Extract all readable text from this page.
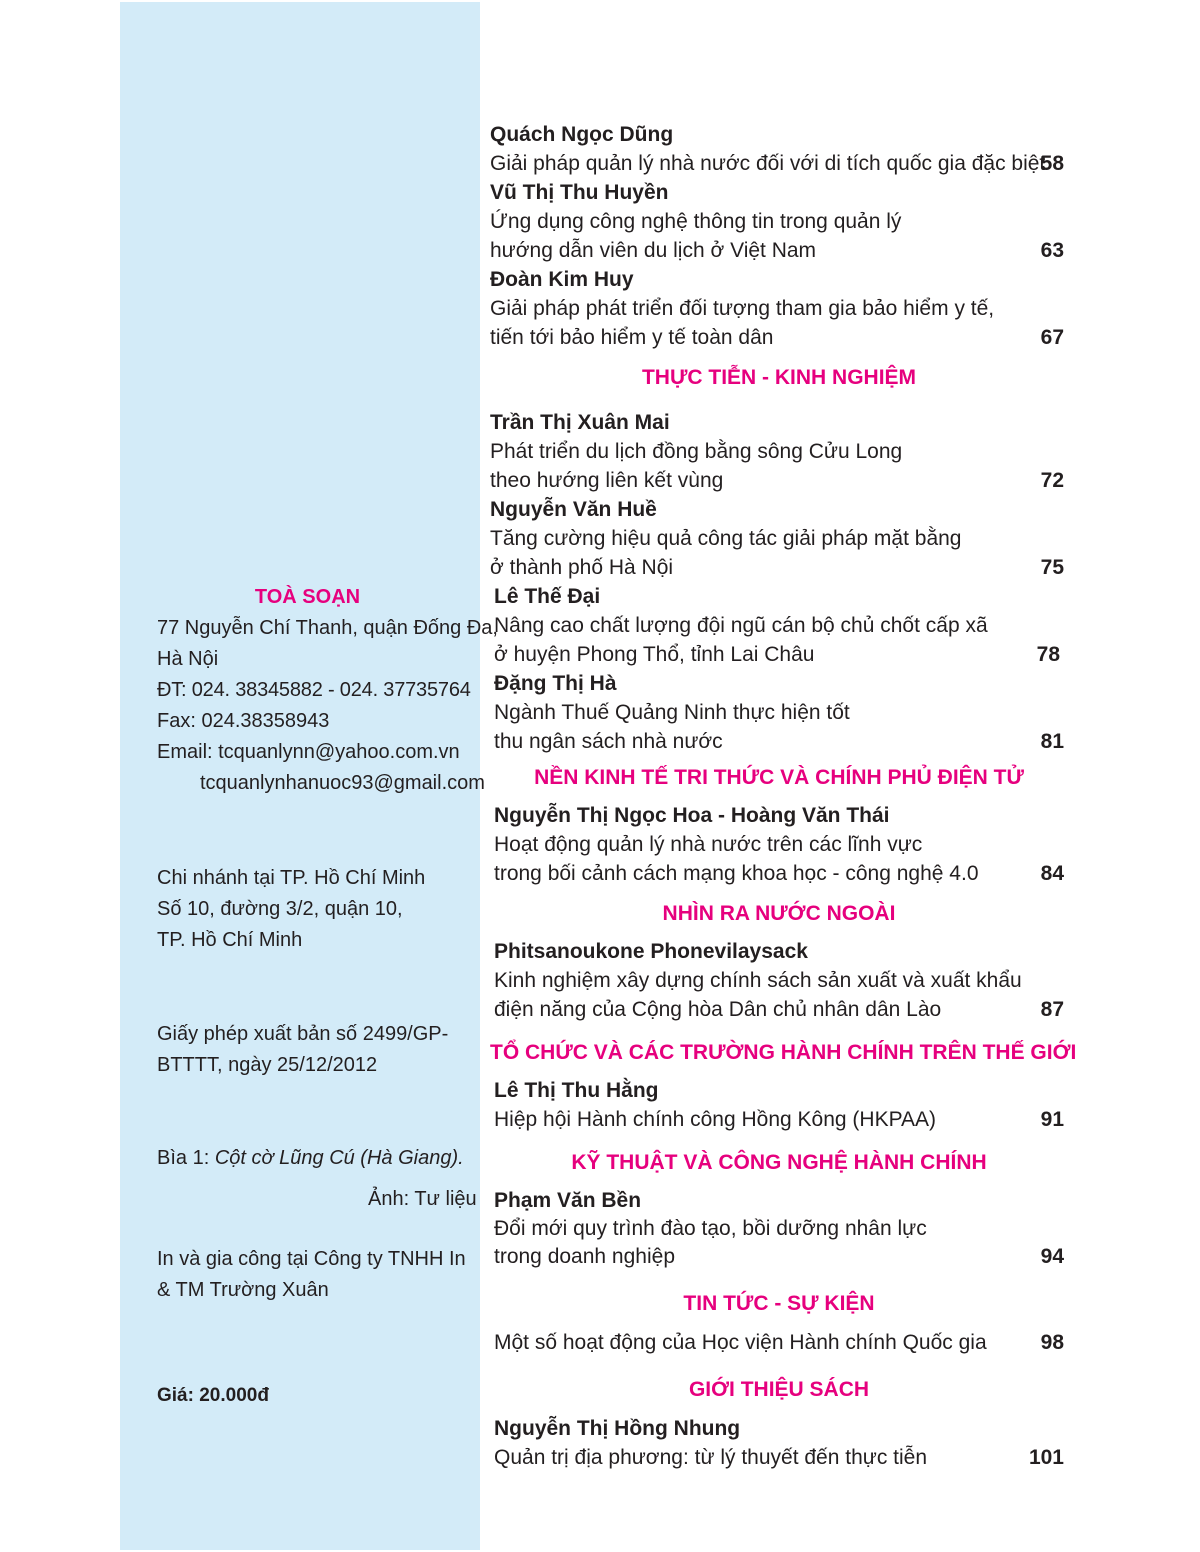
TOÀ SOẠN
77 Nguyễn Chí Thanh, quận Đống Đa,
Hà Nội
ĐT: 024. 38345882 - 024. 37735764
Fax: 024.38358943
Email: tcquanlynn@yahoo.com.vn
tcquanlynhanuoc93@gmail.com
Chi nhánh tại TP. Hồ Chí Minh
Số 10, đường 3/2, quận 10,
TP. Hồ Chí Minh
Giấy phép xuất bản số 2499/GP-
BTTTT, ngày 25/12/2012
Bìa 1: Cột cờ Lũng Cú (Hà Giang).
Ảnh: Tư liệu
In và gia công tại Công ty TNHH In
& TM Trường Xuân
Giá: 20.000đ
Quách Ngọc Dũng
Giải pháp quản lý nhà nước đối với di tích quốc gia đặc biệt
58
Vũ Thị Thu Huyền
Ứng dụng công nghệ thông tin trong quản lý
hướng dẫn viên du lịch ở Việt Nam	63
Đoàn Kim Huy
Giải pháp phát triển đối tượng tham gia bảo hiểm y tế,
tiến tới bảo hiểm y tế toàn dân	67
THỰC TIỄN - KINH NGHIỆM
Trần Thị Xuân Mai
Phát triển du lịch đồng bằng sông Cửu Long
theo hướng liên kết vùng	72
Nguyễn Văn Huề
Tăng cường hiệu quả công tác giải pháp mặt bằng
ở thành phố Hà Nội	75
Lê Thế Đại
Nâng cao chất lượng đội ngũ cán bộ chủ chốt cấp xã
ở huyện Phong Thổ, tỉnh Lai Châu	78
Đặng Thị Hà
Ngành Thuế Quảng Ninh thực hiện tốt
thu ngân sách nhà nước	81
NỀN KINH TẾ TRI THỨC VÀ CHÍNH PHỦ ĐIỆN TỬ
Nguyễn Thị Ngọc Hoa - Hoàng Văn Thái
Hoạt động quản lý nhà nước trên các lĩnh vực
trong bối cảnh cách mạng khoa học - công nghệ 4.0	84
NHÌN RA NƯỚC NGOÀI
Phitsanoukone Phonevilaysack
Kinh nghiệm xây dựng chính sách sản xuất và xuất khẩu
điện năng của Cộng hòa Dân chủ nhân dân Lào	87
TỔ CHỨC VÀ CÁC TRƯỜNG HÀNH CHÍNH TRÊN THẾ GIỚI
Lê Thị Thu Hằng
Hiệp hội Hành chính công Hồng Kông (HKPAA)	91
KỸ THUẬT VÀ CÔNG NGHỆ HÀNH CHÍNH
Phạm Văn Bền
Đổi mới quy trình đào tạo, bồi dưỡng nhân lực
trong doanh nghiệp	94
TIN TỨC - SỰ KIỆN
Một số hoạt động của Học viện Hành chính Quốc gia	98
GIỚI THIỆU SÁCH
Nguyễn Thị Hồng Nhung
Quản trị địa phương: từ lý thuyết đến thực tiễn	101
